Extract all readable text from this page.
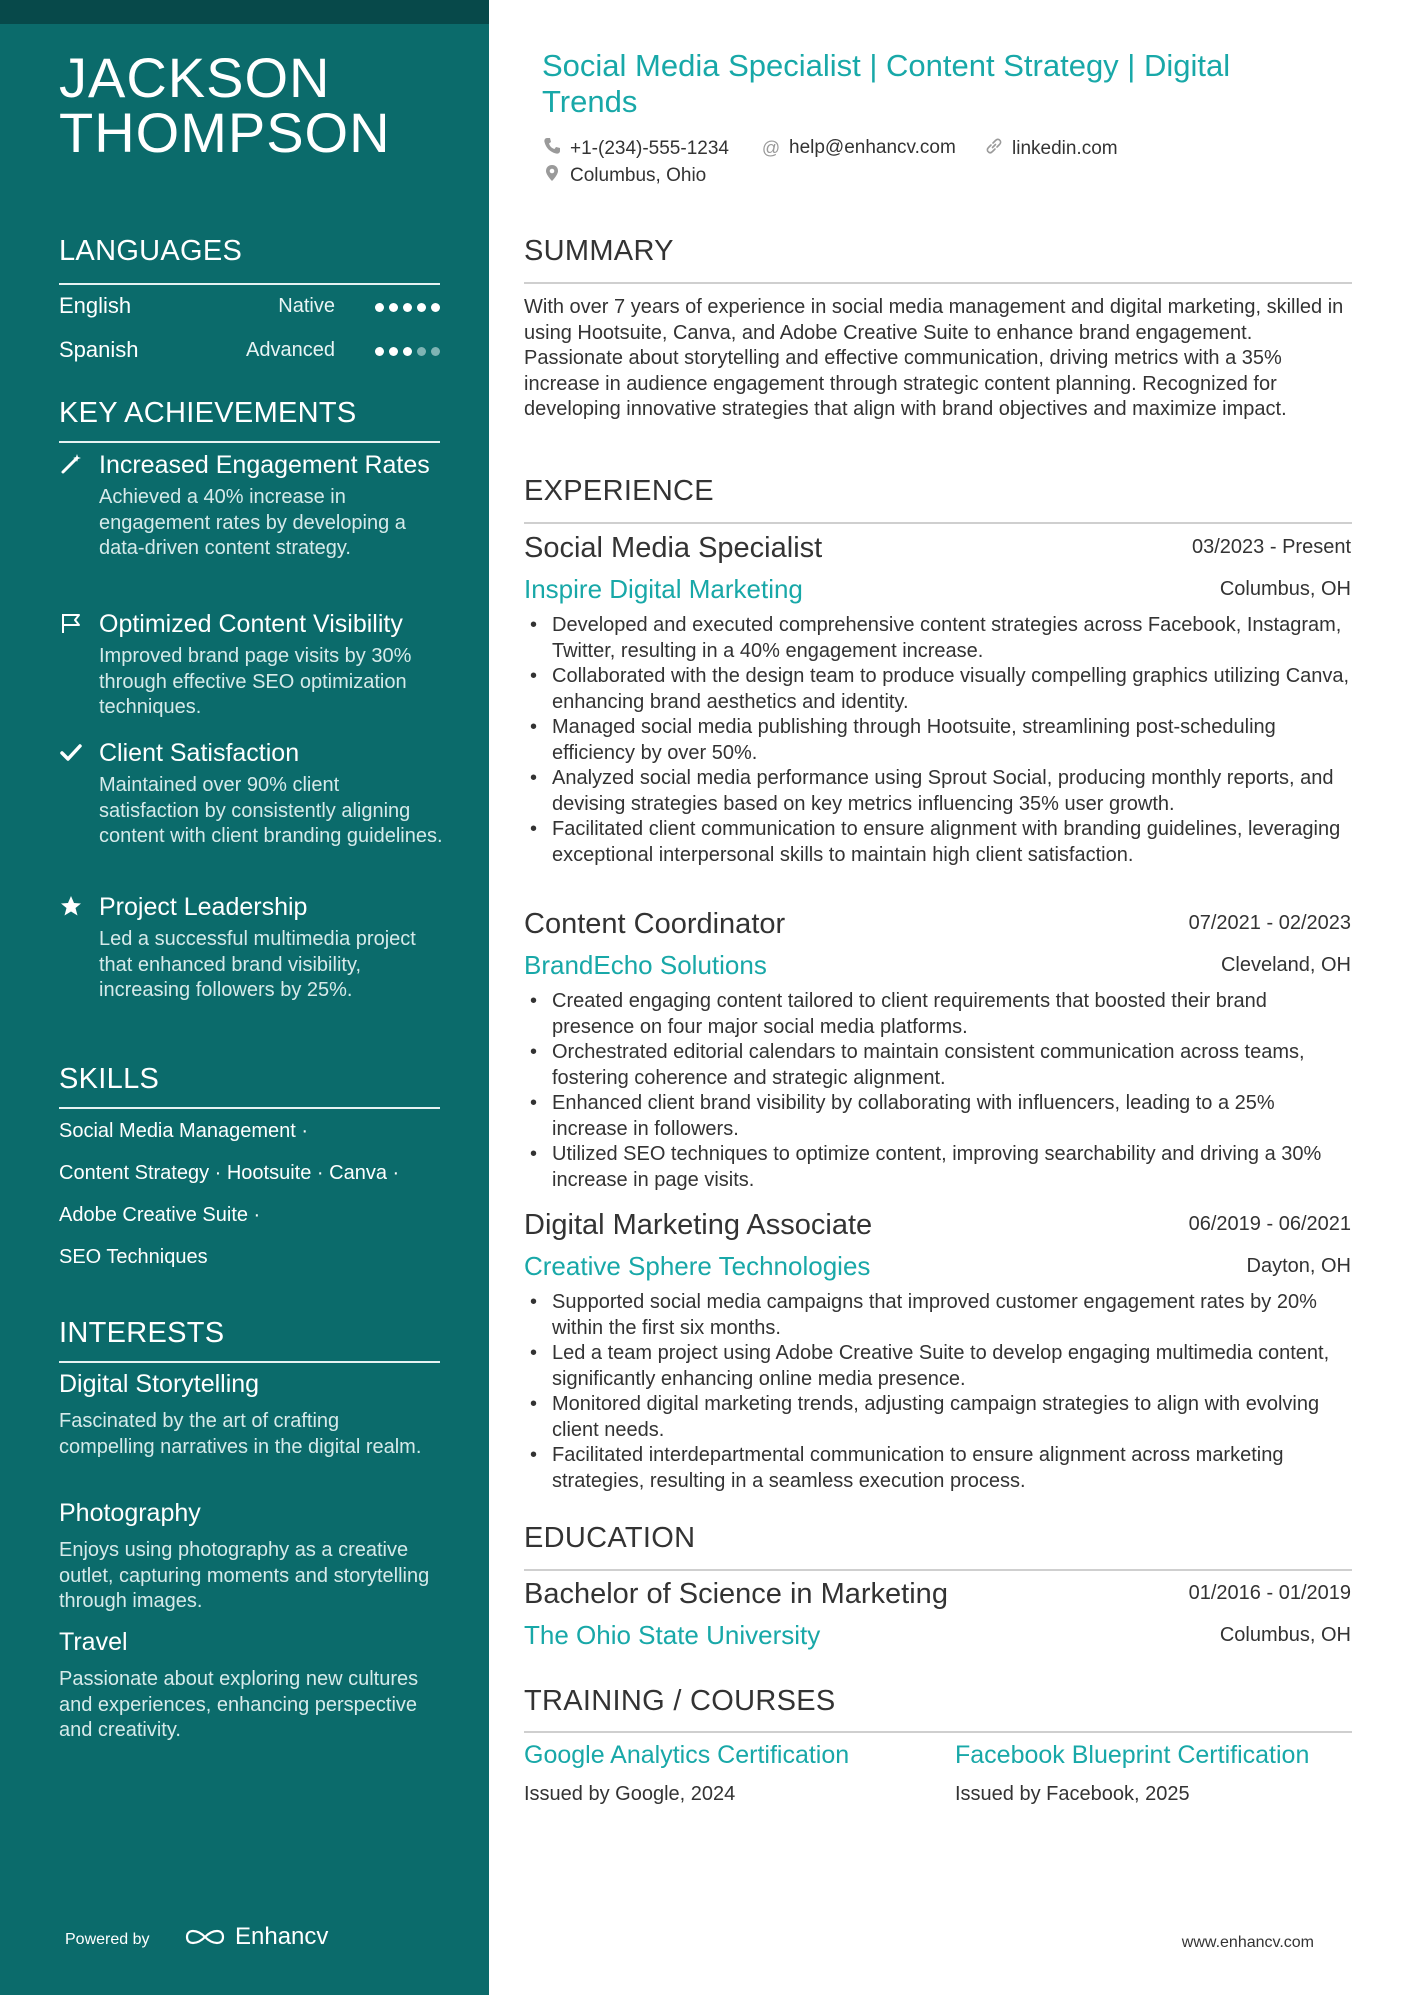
JACKSON
THOMPSON
LANGUAGES
English	Native
Spanish	Advanced
KEY ACHIEVEMENTS
Increased Engagement Rates
Achieved a 40% increase in engagement rates by developing a data-driven content strategy.
Optimized Content Visibility
Improved brand page visits by 30% through effective SEO optimization techniques.
Client Satisfaction
Maintained over 90% client satisfaction by consistently aligning content with client branding guidelines.
Project Leadership
Led a successful multimedia project that enhanced brand visibility, increasing followers by 25%.
SKILLS
Social Media Management ·
Content Strategy · Hootsuite · Canva ·
Adobe Creative Suite ·
SEO Techniques
INTERESTS
Digital Storytelling
Fascinated by the art of crafting compelling narratives in the digital realm.
Photography
Enjoys using photography as a creative outlet, capturing moments and storytelling through images.
Travel
Passionate about exploring new cultures and experiences, enhancing perspective and creativity.
Powered by	Enhancv
Social Media Specialist | Content Strategy | Digital Trends
+1-(234)-555-1234 @ help@enhancv.com	linkedin.com
Columbus, Ohio
SUMMARY
With over 7 years of experience in social media management and digital marketing, skilled in using Hootsuite, Canva, and Adobe Creative Suite to enhance brand engagement. Passionate about storytelling and effective communication, driving metrics with a 35% increase in audience engagement through strategic content planning. Recognized for developing innovative strategies that align with brand objectives and maximize impact.
EXPERIENCE
Social Media Specialist	03/2023 - Present
Inspire Digital Marketing	Columbus, OH
• Developed and executed comprehensive content strategies across Facebook, Instagram, Twitter, resulting in a 40% engagement increase.
• Collaborated with the design team to produce visually compelling graphics utilizing Canva, enhancing brand aesthetics and identity.
• Managed social media publishing through Hootsuite, streamlining post-scheduling efficiency by over 50%.
• Analyzed social media performance using Sprout Social, producing monthly reports, and devising strategies based on key metrics influencing 35% user growth.
• Facilitated client communication to ensure alignment with branding guidelines, leveraging exceptional interpersonal skills to maintain high client satisfaction.
Content Coordinator	07/2021 - 02/2023
BrandEcho Solutions	Cleveland, OH
• Created engaging content tailored to client requirements that boosted their brand presence on four major social media platforms.
• Orchestrated editorial calendars to maintain consistent communication across teams, fostering coherence and strategic alignment.
• Enhanced client brand visibility by collaborating with influencers, leading to a 25% increase in followers.
• Utilized SEO techniques to optimize content, improving searchability and driving a 30% increase in page visits.
Digital Marketing Associate	06/2019 - 06/2021
Creative Sphere Technologies	Dayton, OH
• Supported social media campaigns that improved customer engagement rates by 20% within the first six months.
• Led a team project using Adobe Creative Suite to develop engaging multimedia content, significantly enhancing online media presence.
• Monitored digital marketing trends, adjusting campaign strategies to align with evolving client needs.
• Facilitated interdepartmental communication to ensure alignment across marketing strategies, resulting in a seamless execution process.
EDUCATION
Bachelor of Science in Marketing	01/2016 - 01/2019
The Ohio State University	Columbus, OH
TRAINING / COURSES
Google Analytics Certification
Issued by Google, 2024
Facebook Blueprint Certification
Issued by Facebook, 2025
www.enhancv.com
